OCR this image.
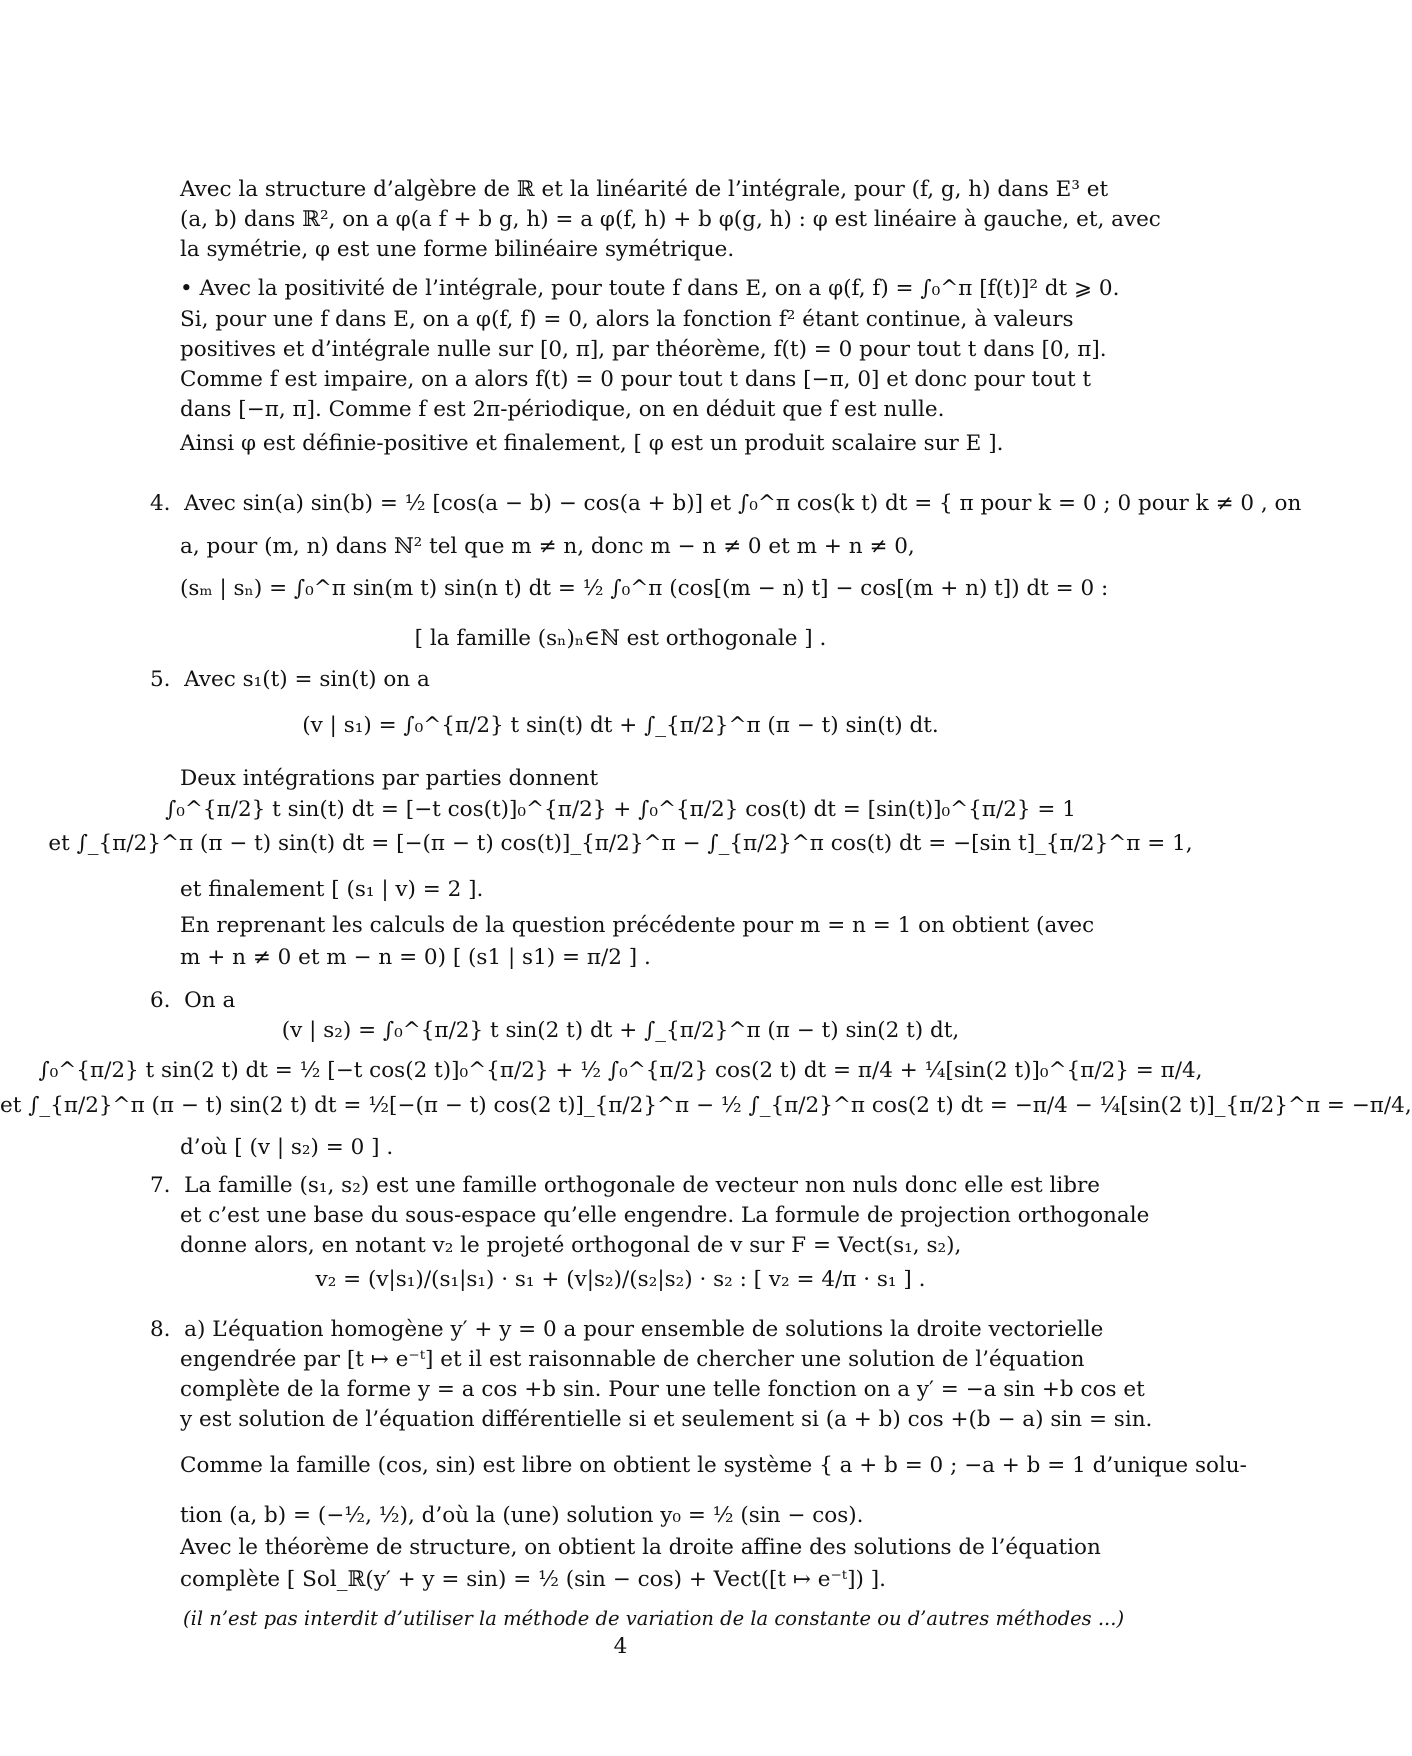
Avec la structure d’algèbre de ℝ et la linéarité de l’intégrale, pour (f, g, h) dans E³ et

(a, b) dans ℝ², on a φ(a f + b g, h) = a φ(f, h) + b φ(g, h) : φ est linéaire à gauche, et, avec

la symétrie, φ est une forme bilinéaire symétrique.

• Avec la positivité de l’intégrale, pour toute f dans E, on a φ(f, f) = ∫₀^π [f(t)]² dt ⩾ 0.

Si, pour une f dans E, on a φ(f, f) = 0, alors la fonction f² étant continue, à valeurs

positives et d’intégrale nulle sur [0, π], par théorème, f(t) = 0 pour tout t dans [0, π].

Comme f est impaire, on a alors f(t) = 0 pour tout t dans [−π, 0] et donc pour tout t

dans [−π, π]. Comme f est 2π-périodique, on en déduit que f est nulle.

Ainsi φ est définie-positive et finalement, [ φ est un produit scalaire sur E ].

4.  Avec sin(a) sin(b) = ½ [cos(a − b) − cos(a + b)] et ∫₀^π cos(k t) dt = { π pour k = 0 ; 0 pour k ≠ 0 , on

a, pour (m, n) dans ℕ² tel que m ≠ n, donc m − n ≠ 0 et m + n ≠ 0,

(sₘ | sₙ) = ∫₀^π sin(m t) sin(n t) dt = ½ ∫₀^π (cos[(m − n) t] − cos[(m + n) t]) dt = 0 :

[ la famille (sₙ)ₙ∈ℕ est orthogonale ] .

5.  Avec s₁(t) = sin(t) on a

(v | s₁) = ∫₀^{π/2} t sin(t) dt + ∫_{π/2}^π (π − t) sin(t) dt.

Deux intégrations par parties donnent

∫₀^{π/2} t sin(t) dt = [−t cos(t)]₀^{π/2} + ∫₀^{π/2} cos(t) dt = [sin(t)]₀^{π/2} = 1

et ∫_{π/2}^π (π − t) sin(t) dt = [−(π − t) cos(t)]_{π/2}^π − ∫_{π/2}^π cos(t) dt = −[sin t]_{π/2}^π = 1,

et finalement [ (s₁ | v) = 2 ].

En reprenant les calculs de la question précédente pour m = n = 1 on obtient (avec

m + n ≠ 0 et m − n = 0) [ (s1 | s1) = π/2 ] .

6.  On a

(v | s₂) = ∫₀^{π/2} t sin(2 t) dt + ∫_{π/2}^π (π − t) sin(2 t) dt,

∫₀^{π/2} t sin(2 t) dt = ½ [−t cos(2 t)]₀^{π/2} + ½ ∫₀^{π/2} cos(2 t) dt = π/4 + ¼[sin(2 t)]₀^{π/2} = π/4,

et ∫_{π/2}^π (π − t) sin(2 t) dt = ½[−(π − t) cos(2 t)]_{π/2}^π − ½ ∫_{π/2}^π cos(2 t) dt = −π/4 − ¼[sin(2 t)]_{π/2}^π = −π/4,

d’où [ (v | s₂) = 0 ] .

7.  La famille (s₁, s₂) est une famille orthogonale de vecteur non nuls donc elle est libre

et c’est une base du sous-espace qu’elle engendre. La formule de projection orthogonale

donne alors, en notant v₂ le projeté orthogonal de v sur F = Vect(s₁, s₂),

v₂ = (v|s₁)/(s₁|s₁) · s₁ + (v|s₂)/(s₂|s₂) · s₂ : [ v₂ = 4/π · s₁ ] .

8.  a) L’équation homogène y′ + y = 0 a pour ensemble de solutions la droite vectorielle

engendrée par [t ↦ e⁻ᵗ] et il est raisonnable de chercher une solution de l’équation

complète de la forme y = a cos +b sin. Pour une telle fonction on a y′ = −a sin +b cos et

y est solution de l’équation différentielle si et seulement si (a + b) cos +(b − a) sin = sin.

Comme la famille (cos, sin) est libre on obtient le système { a + b = 0 ; −a + b = 1 d’unique solu-

tion (a, b) = (−½, ½), d’où la (une) solution y₀ = ½ (sin − cos).

Avec le théorème de structure, on obtient la droite affine des solutions de l’équation

complète [ Sol_ℝ(y′ + y = sin) = ½ (sin − cos) + Vect([t ↦ e⁻ᵗ]) ].

(il n’est pas interdit d’utiliser la méthode de variation de la constante ou d’autres méthodes ...)

4
